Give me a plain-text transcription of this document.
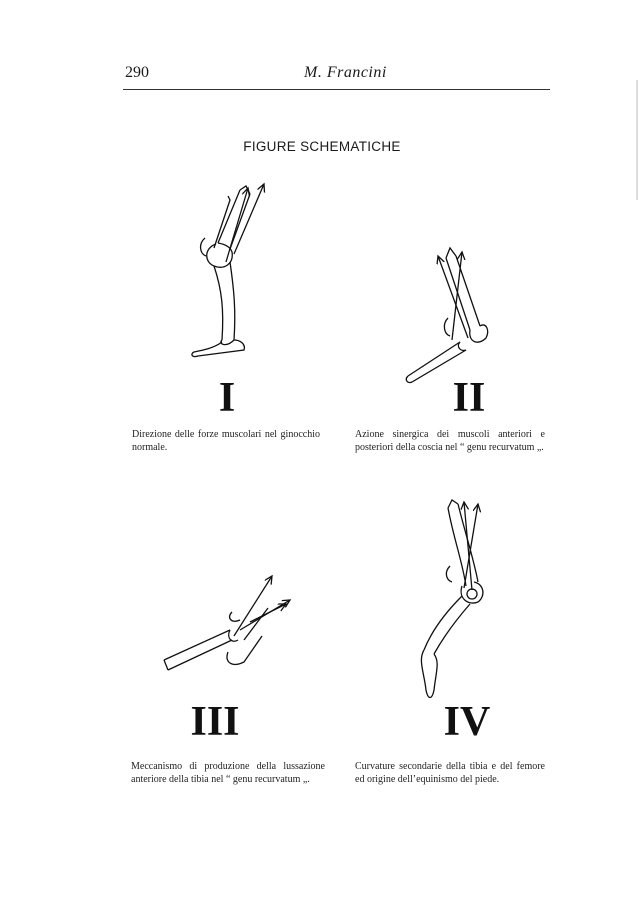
290	M. Francini
FIGURE SCHEMATICHE
I	II
III	IV
Direzione delle forze muscolari nel ginocchio normale.
Azione sinergica dei muscoli anteriori e posteriori della coscia nel “ genu recurvatum „.
Meccanismo di produzione della lussazione anteriore della tibia nel “ genu recurvatum „.
Curvature secondarie della tibia e del femore ed origine dell’equinismo del piede.
